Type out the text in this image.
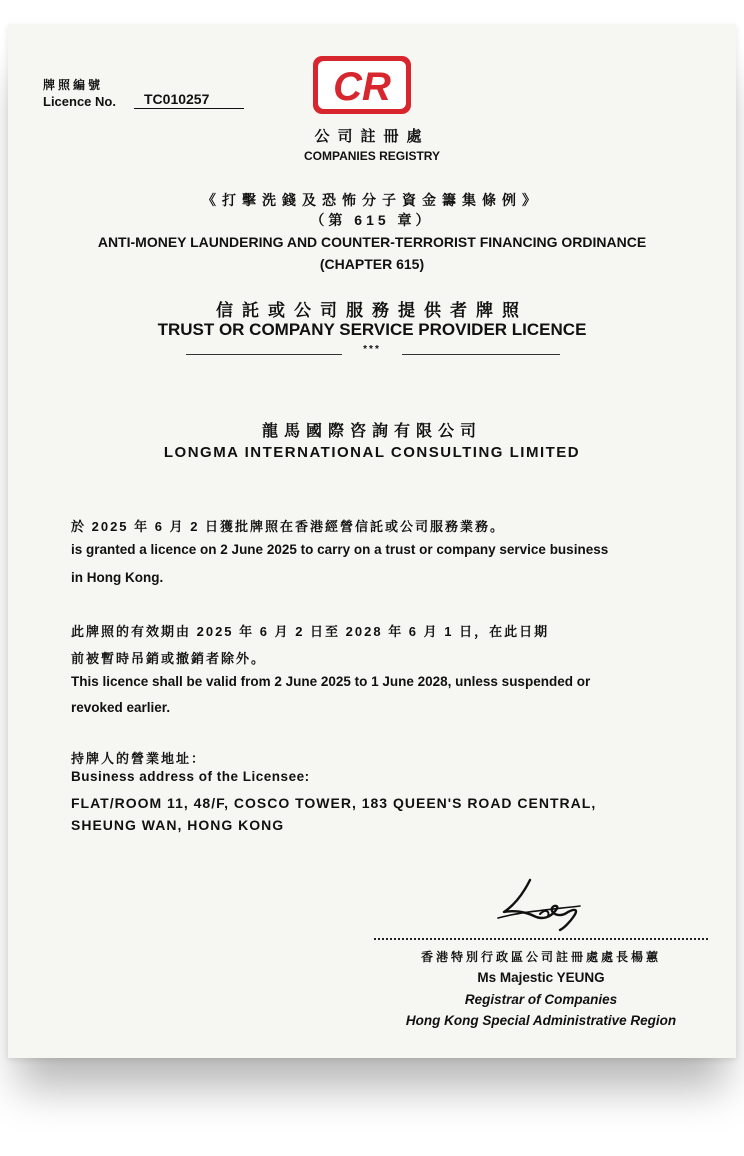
牌照編號
Licence No.	TC010257	CR
公司註冊處
COMPANIES REGISTRY
《打擊洗錢及恐怖分子資金籌集條例》
（第 615 章）
ANTI-MONEY LAUNDERING AND COUNTER-TERRORIST FINANCING ORDINANCE
(CHAPTER 615)
信託或公司服務提供者牌照
TRUST OR COMPANY SERVICE PROVIDER LICENCE
***
龍馬國際咨詢有限公司
LONGMA INTERNATIONAL CONSULTING LIMITED
於 2025 年 6 月 2 日獲批牌照在香港經營信託或公司服務業務。
is granted a licence on 2 June 2025 to carry on a trust or company service business
in Hong Kong.
此牌照的有效期由 2025 年 6 月 2 日至 2028 年 6 月 1 日，在此日期
前被暫時吊銷或撤銷者除外。
This licence shall be valid from 2 June 2025 to 1 June 2028, unless suspended or
revoked earlier.
持牌人的營業地址：
Business address of the Licensee:
FLAT/ROOM 11, 48/F, COSCO TOWER, 183 QUEEN'S ROAD CENTRAL,
SHEUNG WAN, HONG KONG
香港特別行政區公司註冊處處長楊蕙
Ms Majestic YEUNG
Registrar of Companies
Hong Kong Special Administrative Region
